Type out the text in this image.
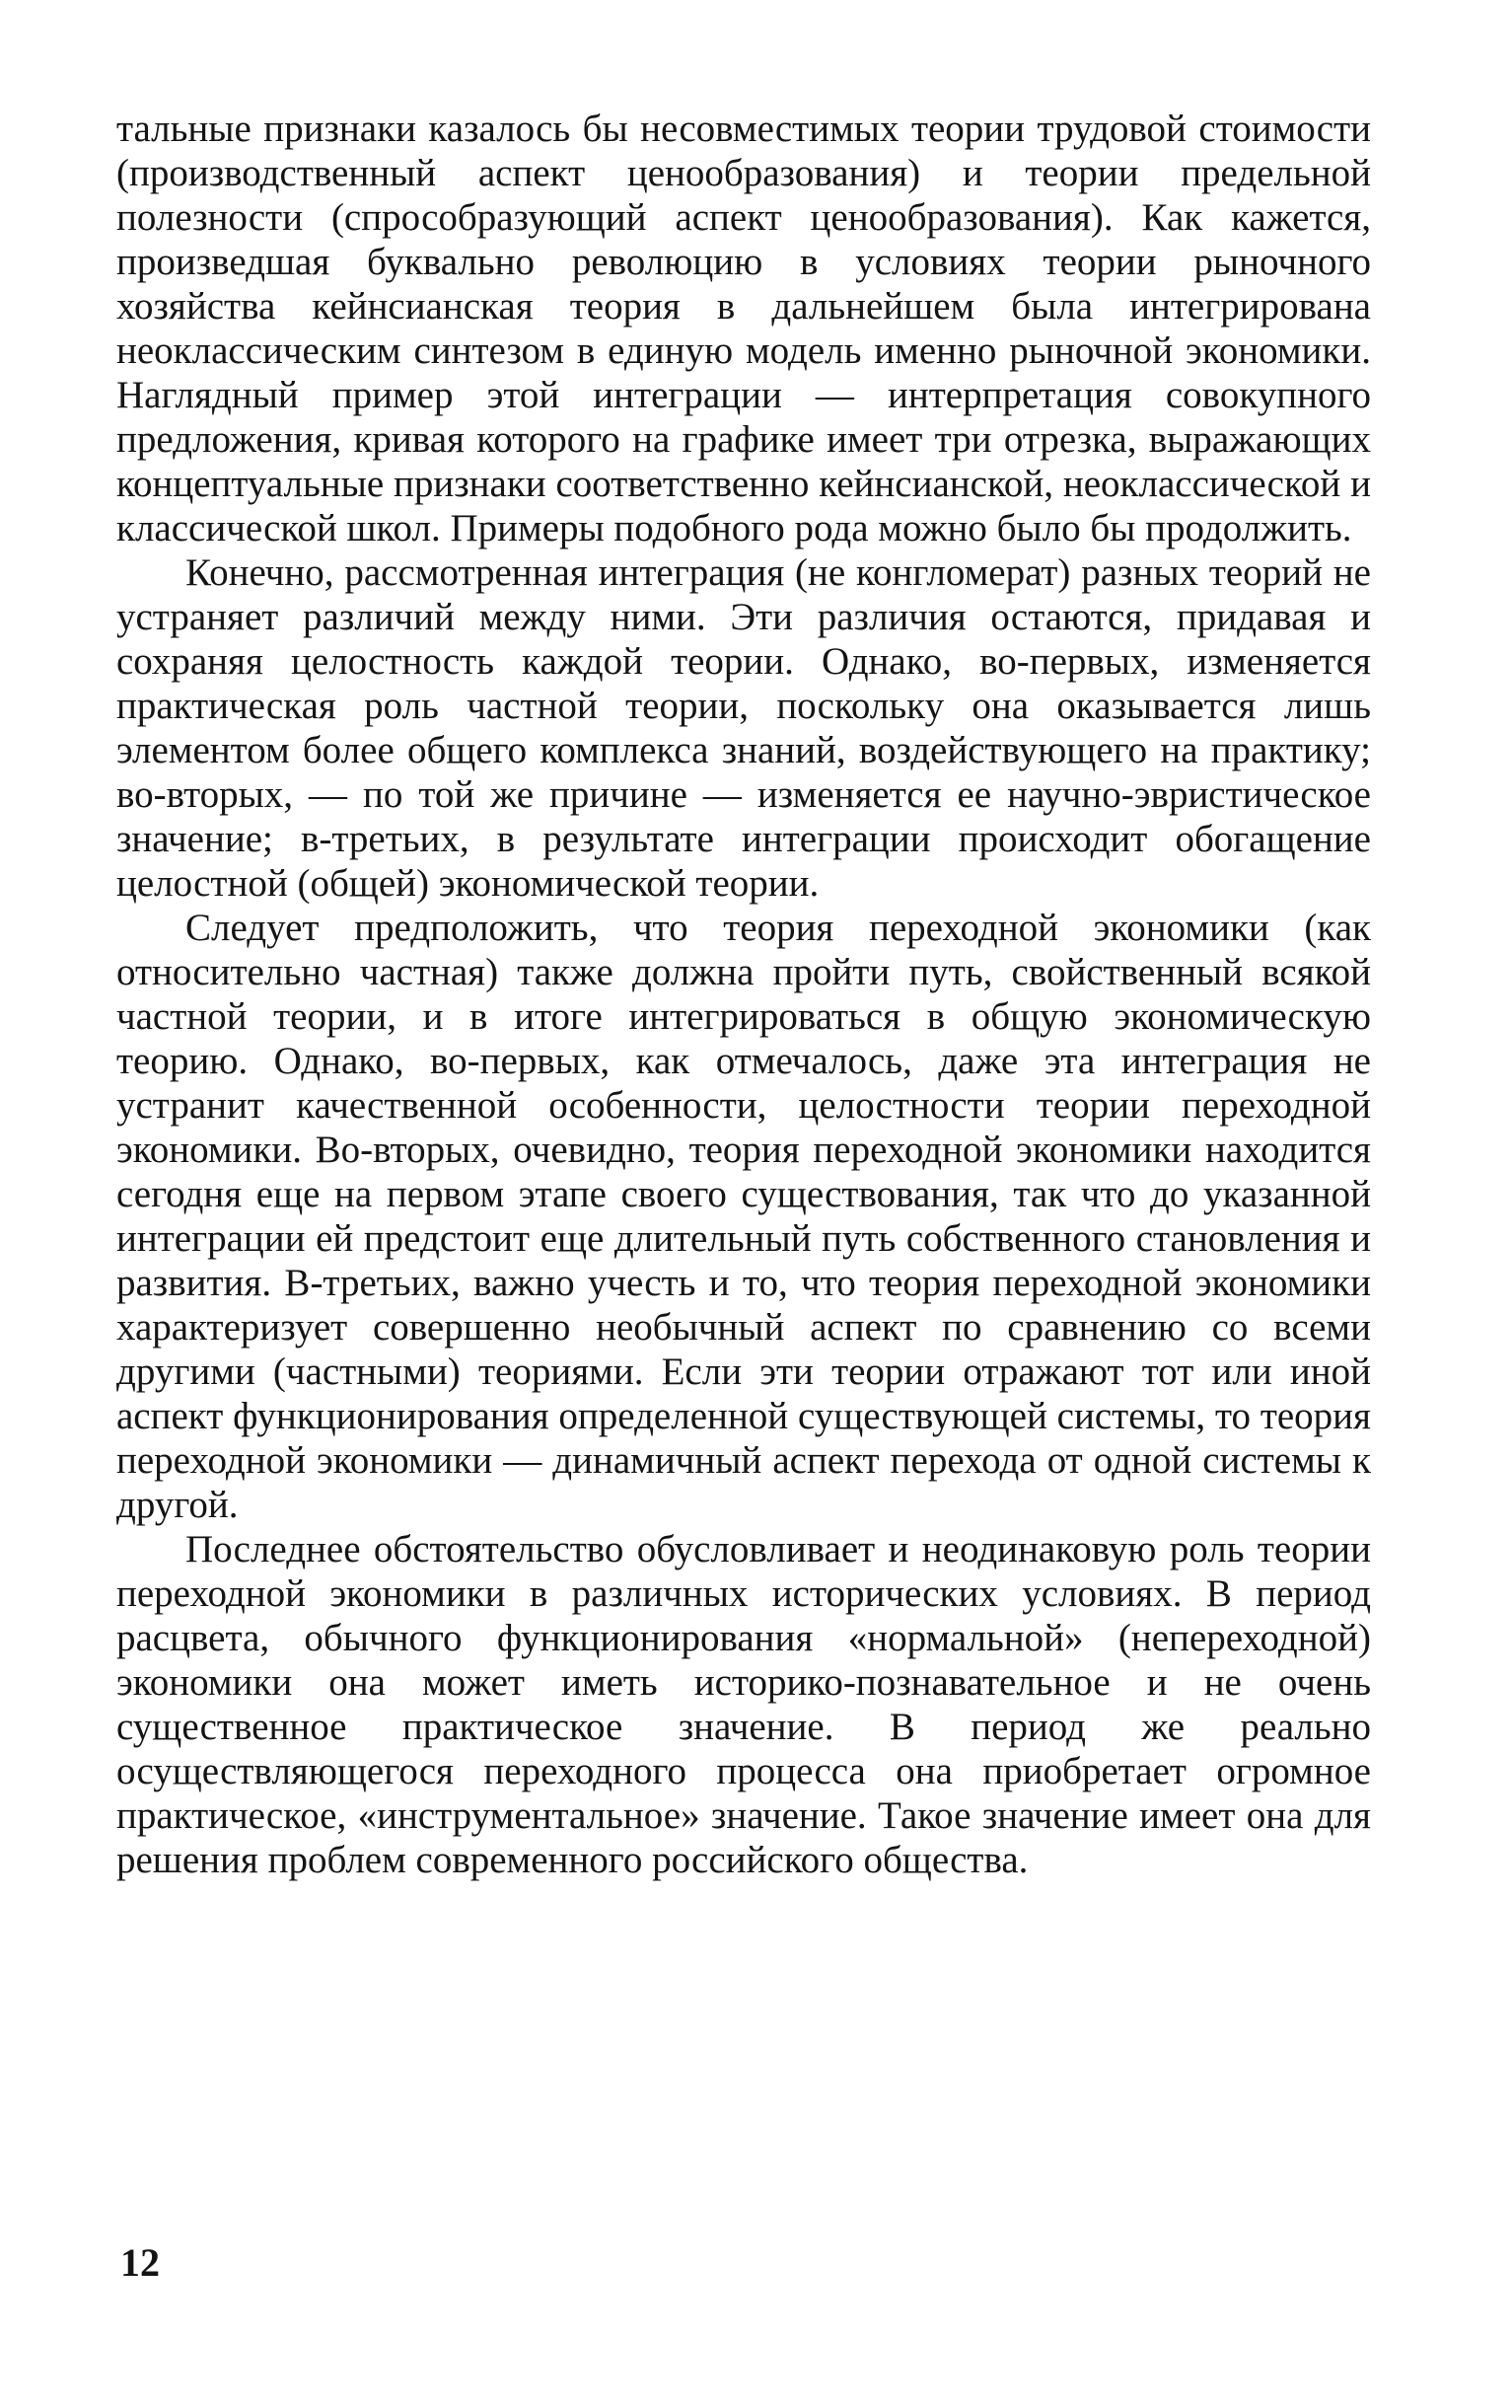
тальные признаки казалось бы несовместимых теории трудовой стоимости (производственный аспект ценообразования) и теории предельной полезности (спрособразующий аспект ценообразования). Как кажется, произведшая буквально революцию в условиях теории рыночного хозяйства кейнсианская теория в дальнейшем была интегрирована неоклассическим синтезом в единую модель именно рыночной экономики. Наглядный пример этой интеграции — интерпретация совокупного предложения, кривая которого на графике имеет три отрезка, выражающих концептуальные признаки соответственно кейнсианской, неоклассической и классической школ. Примеры подобного рода можно было бы продолжить.

Конечно, рассмотренная интеграция (не конгломерат) разных теорий не устраняет различий между ними. Эти различия остаются, придавая и сохраняя целостность каждой теории. Однако, во-первых, изменяется практическая роль частной теории, поскольку она оказывается лишь элементом более общего комплекса знаний, воздействующего на практику; во-вторых, — по той же причине — изменяется ее научно-эвристическое значение; в-третьих, в результате интеграции происходит обогащение целостной (общей) экономической теории.

Следует предположить, что теория переходной экономики (как относительно частная) также должна пройти путь, свойственный всякой частной теории, и в итоге интегрироваться в общую экономическую теорию. Однако, во-первых, как отмечалось, даже эта интеграция не устранит качественной особенности, целостности теории переходной экономики. Во-вторых, очевидно, теория переходной экономики находится сегодня еще на первом этапе своего существования, так что до указанной интеграции ей предстоит еще длительный путь собственного становления и развития. В-третьих, важно учесть и то, что теория переходной экономики характеризует совершенно необычный аспект по сравнению со всеми другими (частными) теориями. Если эти теории отражают тот или иной аспект функционирования определенной существующей системы, то теория переходной экономики — динамичный аспект перехода от одной системы к другой.

Последнее обстоятельство обусловливает и неодинаковую роль теории переходной экономики в различных исторических условиях. В период расцвета, обычного функционирования «нормальной» (непереходной) экономики она может иметь историко-познавательное и не очень существенное практическое значение. В период же реально осуществляющегося переходного процесса она приобретает огромное практическое, «инструментальное» значение. Такое значение имеет она для решения проблем современного российского общества.

12
